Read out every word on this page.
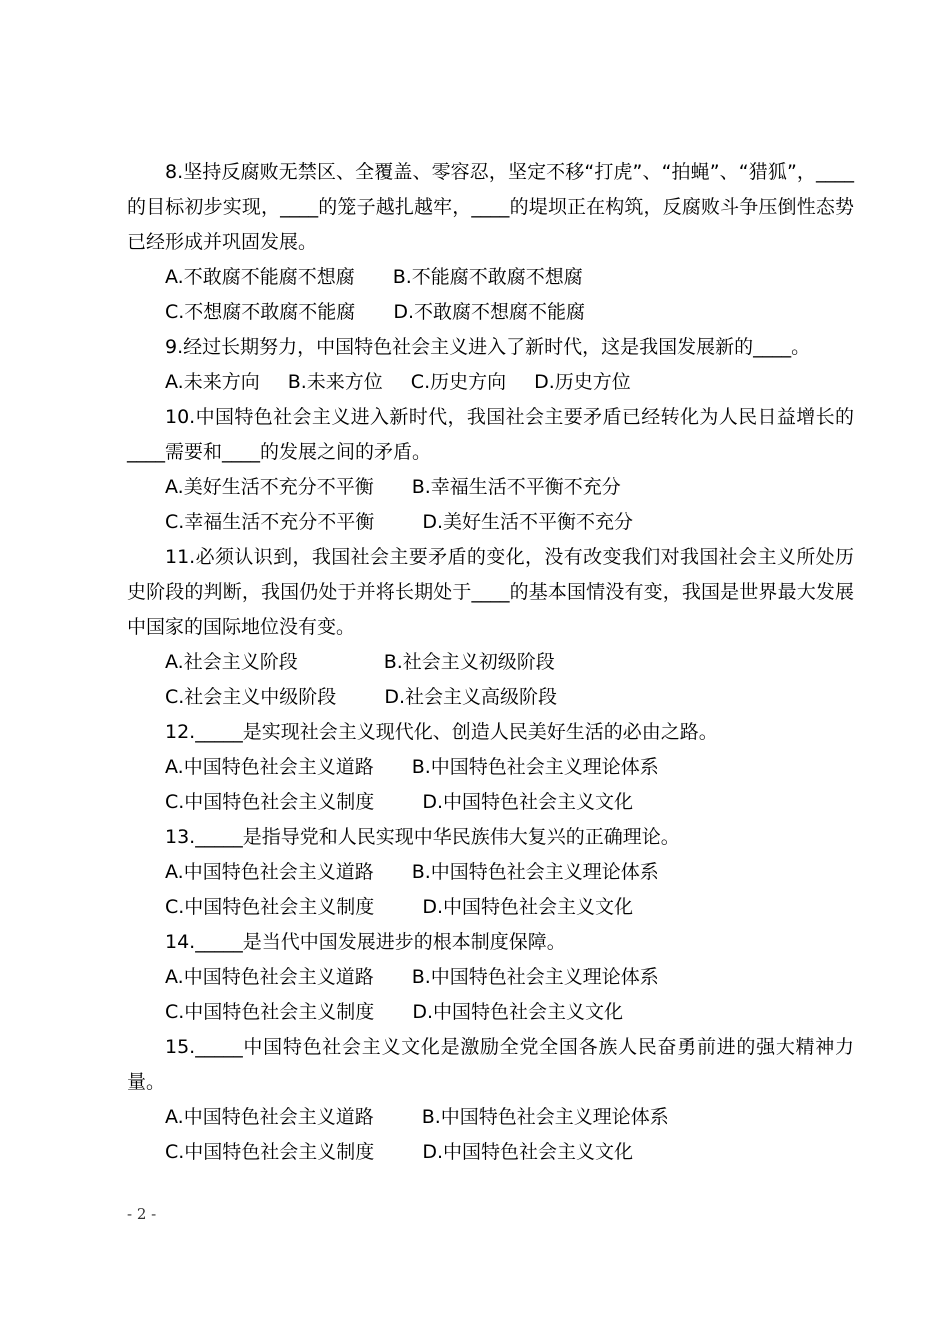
8.坚持反腐败无禁区、全覆盖、零容忍，坚定不移“打虎”、“拍蝇”、“猎狐”，____的目标初步实现，____的笼子越扎越牢，____的堤坝正在构筑，反腐败斗争压倒性态势已经形成并巩固发展。

A.不敢腐不能腐不想腐 B.不能腐不敢腐不想腐
C.不想腐不敢腐不能腐 D.不敢腐不想腐不能腐

9.经过长期努力，中国特色社会主义进入了新时代，这是我国发展新的____。

A.未来方向 B.未来方位 C.历史方向 D.历史方位

10.中国特色社会主义进入新时代，我国社会主要矛盾已经转化为人民日益增长的____需要和____的发展之间的矛盾。

A.美好生活不充分不平衡 B.幸福生活不平衡不充分
C.幸福生活不充分不平衡	D.美好生活不平衡不充分

11.必须认识到，我国社会主要矛盾的变化，没有改变我们对我国社会主义所处历史阶段的判断，我国仍处于并将长期处于____的基本国情没有变，我国是世界最大发展中国家的国际地位没有变。

A.社会主义阶段	B.社会主义初级阶段
C.社会主义中级阶段	D.社会主义高级阶段

12._____是实现社会主义现代化、创造人民美好生活的必由之路。

A.中国特色社会主义道路 B.中国特色社会主义理论体系
C.中国特色社会主义制度	D.中国特色社会主义文化

13._____是指导党和人民实现中华民族伟大复兴的正确理论。

A.中国特色社会主义道路 B.中国特色社会主义理论体系
C.中国特色社会主义制度	D.中国特色社会主义文化

14._____是当代中国发展进步的根本制度保障。

A.中国特色社会主义道路 B.中国特色社会主义理论体系
C.中国特色社会主义制度 D.中国特色社会主义文化

15._____中国特色社会主义文化是激励全党全国各族人民奋勇前进的强大精神力量。

A.中国特色社会主义道路	B.中国特色社会主义理论体系
C.中国特色社会主义制度	D.中国特色社会主义文化
- 2 -
